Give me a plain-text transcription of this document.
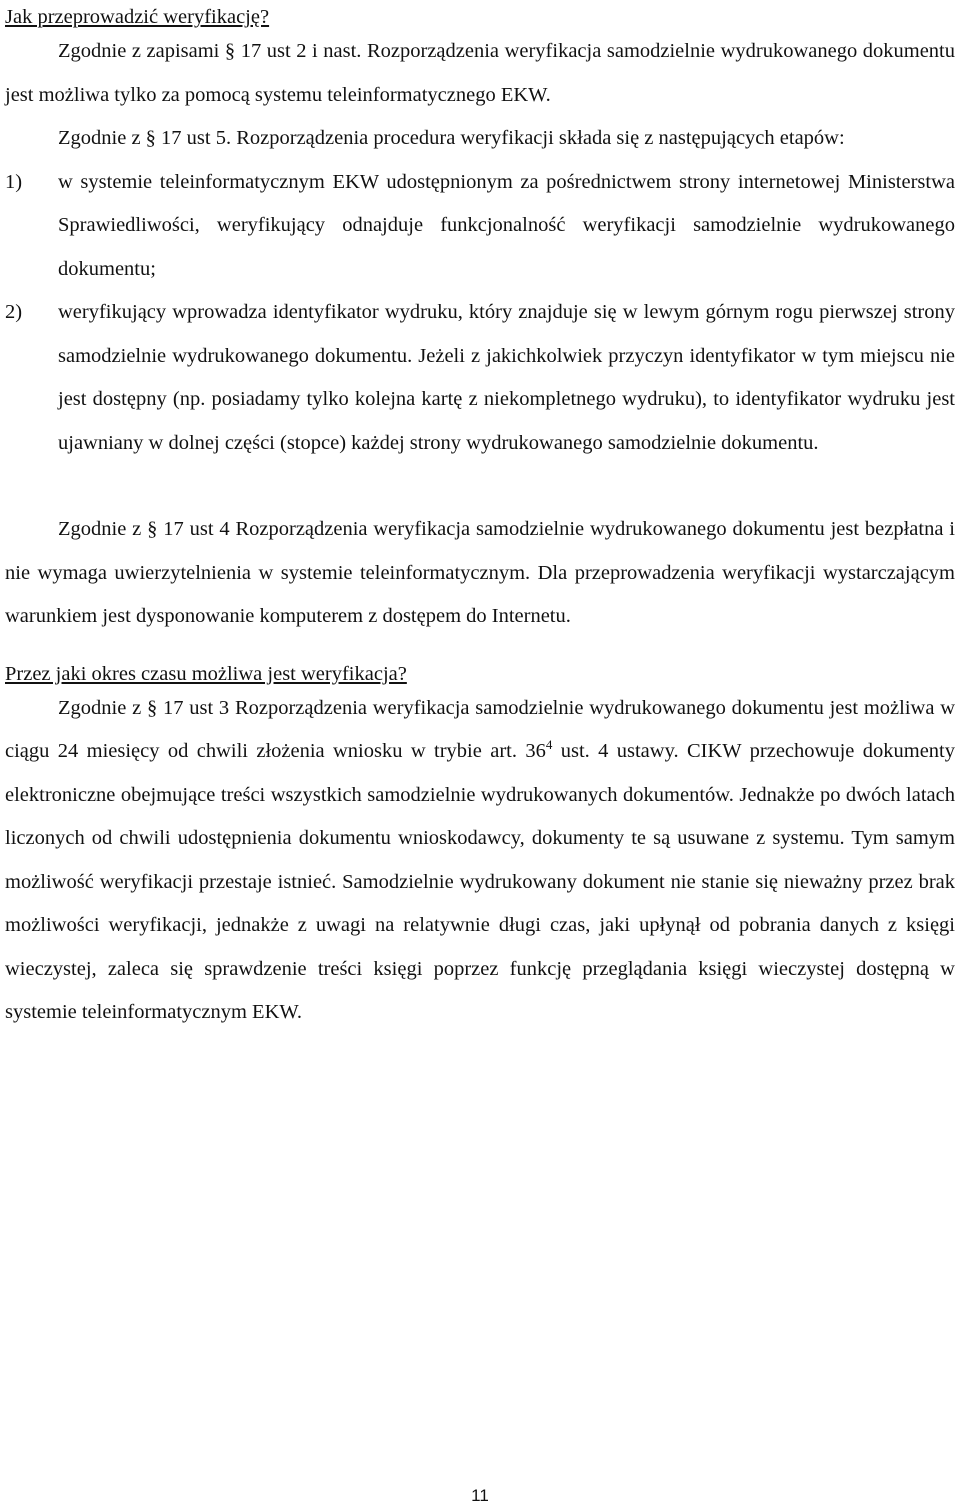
Jak przeprowadzić weryfikację?

Zgodnie z zapisami § 17 ust 2 i nast. Rozporządzenia weryfikacja samodzielnie wydrukowanego dokumentu jest możliwa tylko za pomocą systemu teleinformatycznego EKW.

Zgodnie z § 17 ust 5. Rozporządzenia procedura weryfikacji składa się z następujących etapów:

1) w systemie teleinformatycznym EKW udostępnionym za pośrednictwem strony internetowej Ministerstwa Sprawiedliwości, weryfikujący odnajduje funkcjonalność weryfikacji samodzielnie wydrukowanego dokumentu;
2) weryfikujący wprowadza identyfikator wydruku, który znajduje się w lewym górnym rogu pierwszej strony samodzielnie wydrukowanego dokumentu. Jeżeli z jakichkolwiek przyczyn identyfikator w tym miejscu nie jest dostępny (np. posiadamy tylko kolejna kartę z niekompletnego wydruku), to identyfikator wydruku jest ujawniany w dolnej części (stopce) każdej strony wydrukowanego samodzielnie dokumentu.

Zgodnie z § 17 ust 4 Rozporządzenia weryfikacja samodzielnie wydrukowanego dokumentu jest bezpłatna i nie wymaga uwierzytelnienia w systemie teleinformatycznym. Dla przeprowadzenia weryfikacji wystarczającym warunkiem jest dysponowanie komputerem z dostępem do Internetu.

Przez jaki okres czasu możliwa jest weryfikacja?

Zgodnie z § 17 ust 3 Rozporządzenia weryfikacja samodzielnie wydrukowanego dokumentu jest możliwa w ciągu 24 miesięcy od chwili złożenia wniosku w trybie art. $36^4$ ust. 4 ustawy. CIKW przechowuje dokumenty elektroniczne obejmujące treści wszystkich samodzielnie wydrukowanych dokumentów. Jednakże po dwóch latach liczonych od chwili udostępnienia dokumentu wnioskodawcy, dokumenty te są usuwane z systemu. Tym samym możliwość weryfikacji przestaje istnieć. Samodzielnie wydrukowany dokument nie stanie się nieważny przez brak możliwości weryfikacji, jednakże z uwagi na relatywnie długi czas, jaki upłynął od pobrania danych z księgi wieczystej, zaleca się sprawdzenie treści księgi poprzez funkcję przeglądania księgi wieczystej dostępną w systemie teleinformatycznym EKW.

11
